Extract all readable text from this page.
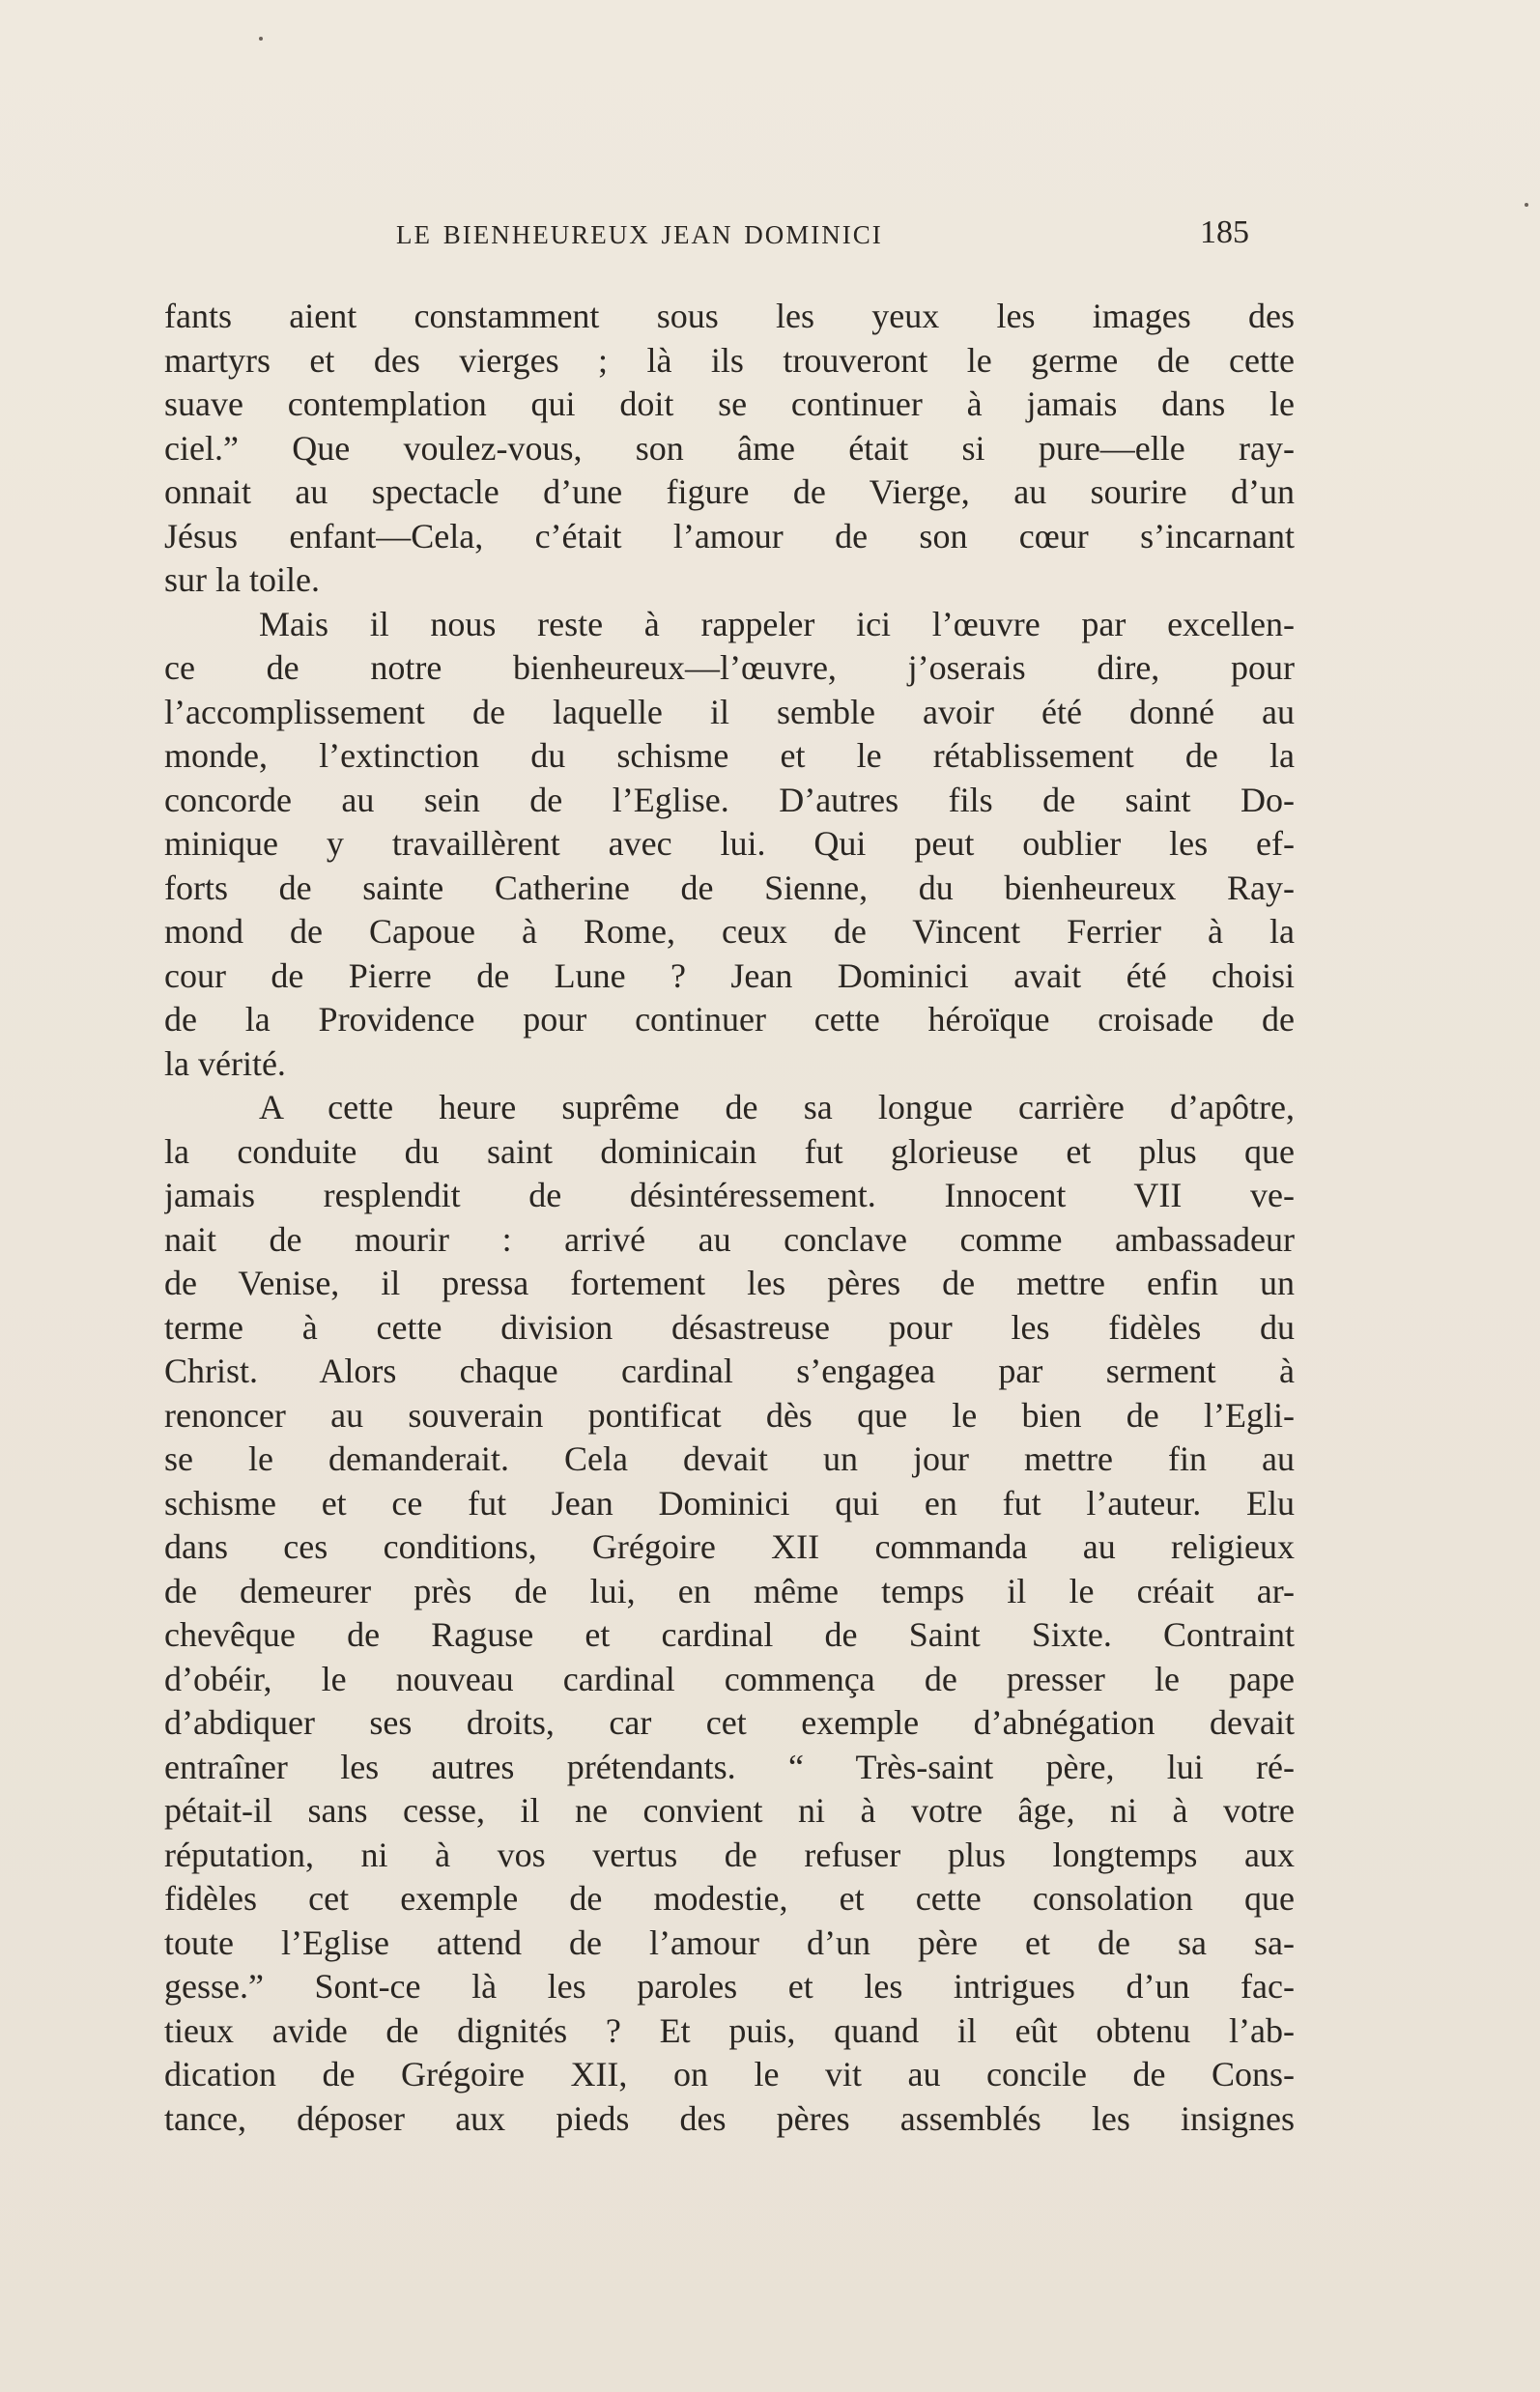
LE BIENHEUREUX JEAN DOMINICI	185
fants aient constamment sous les yeux les images des
martyrs et des vierges ; là ils trouveront le germe de cette
suave contemplation qui doit se continuer à jamais dans le
ciel.” Que voulez-vous, son âme était si pure—elle ray-
onnait au spectacle d’une figure de Vierge, au sourire d’un
Jésus enfant—Cela, c’était l’amour de son cœur s’incarnant
sur la toile.
Mais il nous reste à rappeler ici l’œuvre par excellen-
ce de notre bienheureux—l’œuvre, j’oserais dire, pour
l’accomplissement de laquelle il semble avoir été donné au
monde, l’extinction du schisme et le rétablissement de la
concorde au sein de l’Eglise. D’autres fils de saint Do-
minique y travaillèrent avec lui. Qui peut oublier les ef-
forts de sainte Catherine de Sienne, du bienheureux Ray-
mond de Capoue à Rome, ceux de Vincent Ferrier à la
cour de Pierre de Lune ? Jean Dominici avait été choisi
de la Providence pour continuer cette héroïque croisade de
la vérité.
A cette heure suprême de sa longue carrière d’apôtre,
la conduite du saint dominicain fut glorieuse et plus que
jamais resplendit de désintéressement. Innocent VII ve-
nait de mourir : arrivé au conclave comme ambassadeur
de Venise, il pressa fortement les pères de mettre enfin un
terme à cette division désastreuse pour les fidèles du
Christ. Alors chaque cardinal s’engagea par serment à
renoncer au souverain pontificat dès que le bien de l’Egli-
se le demanderait. Cela devait un jour mettre fin au
schisme et ce fut Jean Dominici qui en fut l’auteur. Elu
dans ces conditions, Grégoire XII commanda au religieux
de demeurer près de lui, en même temps il le créait ar-
chevêque de Raguse et cardinal de Saint Sixte. Contraint
d’obéir, le nouveau cardinal commença de presser le pape
d’abdiquer ses droits, car cet exemple d’abnégation devait
entraîner les autres prétendants. “ Très-saint père, lui ré-
pétait-il sans cesse, il ne convient ni à votre âge, ni à votre
réputation, ni à vos vertus de refuser plus longtemps aux
fidèles cet exemple de modestie, et cette consolation que
toute l’Eglise attend de l’amour d’un père et de sa sa-
gesse.” Sont-ce là les paroles et les intrigues d’un fac-
tieux avide de dignités ? Et puis, quand il eût obtenu l’ab-
dication de Grégoire XII, on le vit au concile de Cons-
tance, déposer aux pieds des pères assemblés les insignes
